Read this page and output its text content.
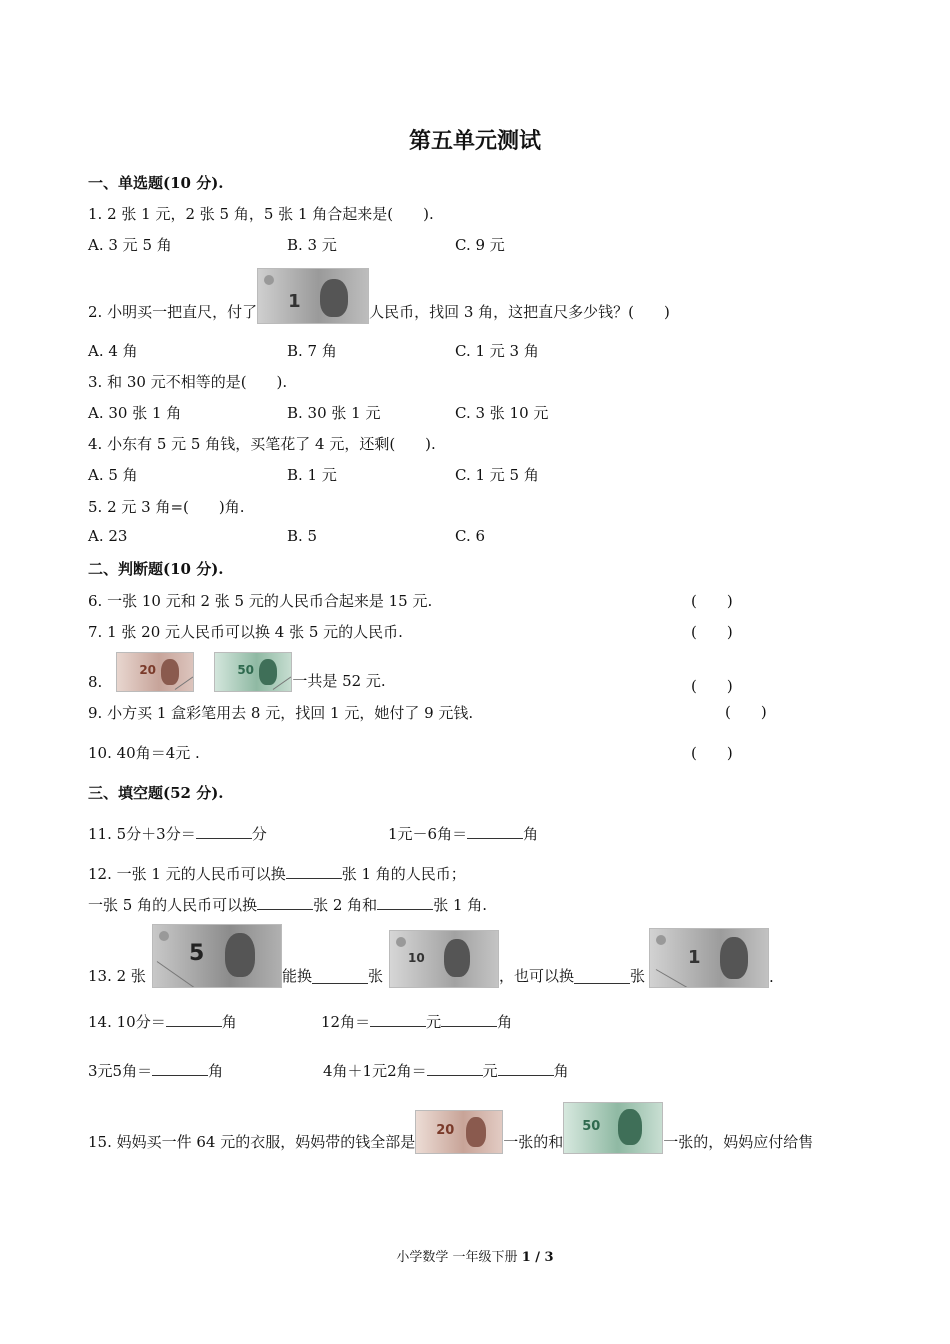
第五单元测试
一、单选题(10 分).
1. 2 张 1 元，2 张 5 角，5 张 1 角合起来是(　　).
A. 3 元 5 角	B. 3 元	C. 9 元
2. 小明买一把直尺，付了 1	人民币，找回 3 角，这把直尺多少钱？(　　)
A. 4 角	B. 7 角	C. 1 元 3 角
3. 和 30 元不相等的是(　　).
A. 30 张 1 角	B. 30 张 1 元	C. 3 张 10 元
4. 小东有 5 元 5 角钱，买笔花了 4 元，还剩(　　).
A. 5 角	B. 1 元	C. 1 元 5 角
5. 2 元 3 角=(　　)角.
A. 23	B. 5	C. 6
二、判断题(10 分).
6. 一张 10 元和 2 张 5 元的人民币合起来是 15 元.	(　　)
7. 1 张 20 元人民币可以换 4 张 5 元的人民币.	(　　)
8.
20	50
一共是 52 元.	(　　)
9. 小方买 1 盒彩笔用去 8 元，找回 1 元，她付了 9 元钱.	(　　)
10. 40角＝4元 .	(　　)
三、填空题(52 分).
11. 5分＋3分＝	分	1元－6角＝	角
12. 一张 1 元的人民币可以换	张 1 角的人民币；
一张 5 角的人民币可以换	张 2 角和	张 1 角.
13. 2 张
5
能换	张
10
，也可以换	张
1
.
14. 10分＝	角	12角＝	元	角
3元5角＝	角	4角＋1元2角＝	元	角
15. 妈妈买一件 64 元的衣服，妈妈带的钱全部是
20
一张的和
50
一张的，妈妈应付给售
小学数学 一年级下册 1 / 3
